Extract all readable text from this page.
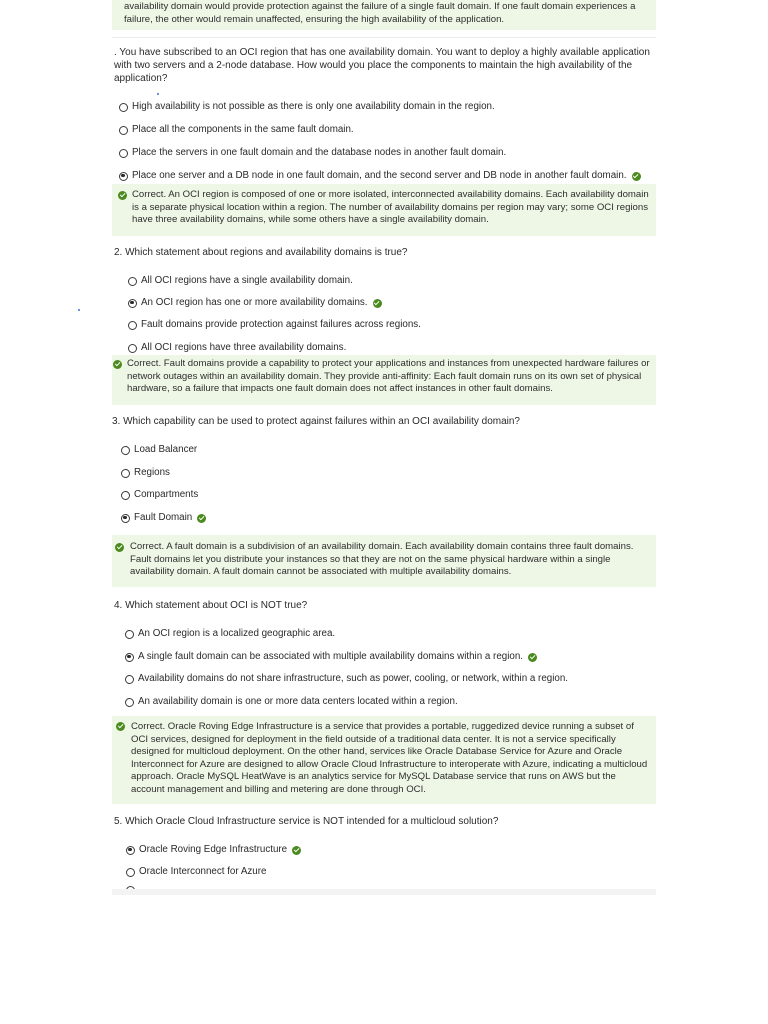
availability domain would provide protection against the failure of a single fault domain. If one fault domain experiences a failure, the other would remain unaffected, ensuring the high availability of the application.
. You have subscribed to an OCI region that has one availability domain. You want to deploy a highly available application with two servers and a 2-node database. How would you place the components to maintain the high availability of the application?
High availability is not possible as there is only one availability domain in the region.
Place all the components in the same fault domain.
Place the servers in one fault domain and the database nodes in another fault domain.
Place one server and a DB node in one fault domain, and the second server and DB node in another fault domain.
Correct. An OCI region is composed of one or more isolated, interconnected availability domains. Each availability domain is a separate physical location within a region. The number of availability domains per region may vary; some OCI regions have three availability domains, while some others have a single availability domain.
2. Which statement about regions and availability domains is true?
All OCI regions have a single availability domain.
An OCI region has one or more availability domains.
Fault domains provide protection against failures across regions.
All OCI regions have three availability domains.
Correct. Fault domains provide a capability to protect your applications and instances from unexpected hardware failures or network outages within an availability domain. They provide anti-affinity: Each fault domain runs on its own set of physical hardware, so a failure that impacts one fault domain does not affect instances in other fault domains.
3. Which capability can be used to protect against failures within an OCI availability domain?
Load Balancer
Regions
Compartments
Fault Domain
Correct. A fault domain is a subdivision of an availability domain. Each availability domain contains three fault domains. Fault domains let you distribute your instances so that they are not on the same physical hardware within a single availability domain. A fault domain cannot be associated with multiple availability domains.
4. Which statement about OCI is NOT true?
An OCI region is a localized geographic area.
A single fault domain can be associated with multiple availability domains within a region.
Availability domains do not share infrastructure, such as power, cooling, or network, within a region.
An availability domain is one or more data centers located within a region.
Correct. Oracle Roving Edge Infrastructure is a service that provides a portable, ruggedized device running a subset of OCI services, designed for deployment in the field outside of a traditional data center. It is not a service specifically designed for multicloud deployment. On the other hand, services like Oracle Database Service for Azure and Oracle Interconnect for Azure are designed to allow Oracle Cloud Infrastructure to interoperate with Azure, indicating a multicloud approach. Oracle MySQL HeatWave is an analytics service for MySQL Database service that runs on AWS but the account management and billing and metering are done through OCI.
5. Which Oracle Cloud Infrastructure service is NOT intended for a multicloud solution?
Oracle Roving Edge Infrastructure
Oracle Interconnect for Azure
